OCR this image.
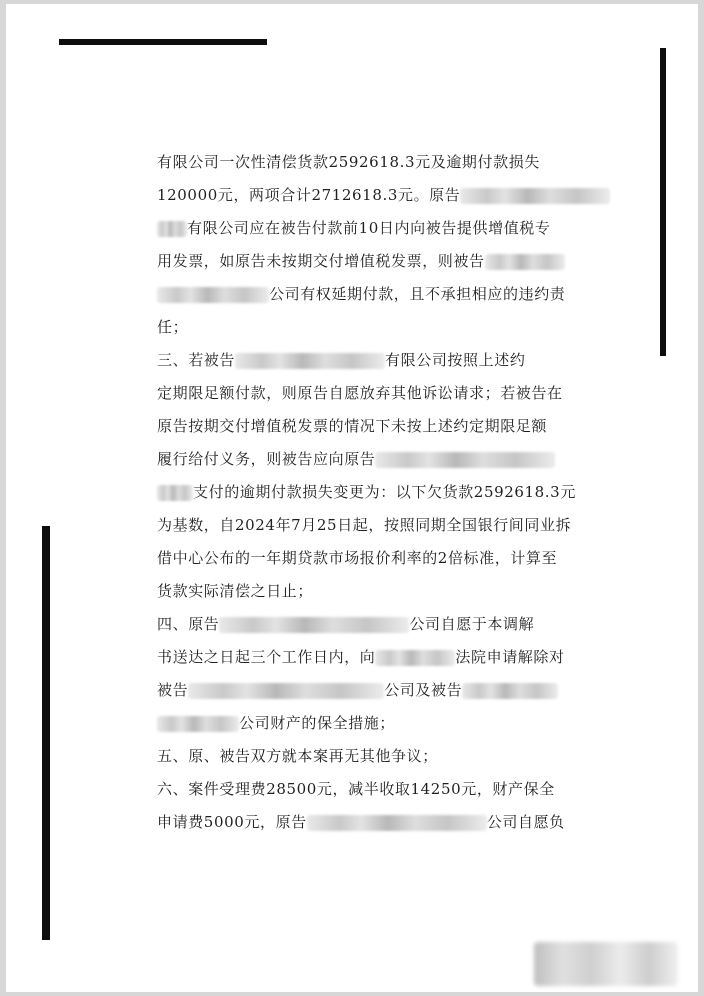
有限公司一次性清偿货款2592618.3元及逾期付款损失
120000元，两项合计2712618.3元。原告
有限公司应在被告付款前10日内向被告提供增值税专
用发票，如原告未按期交付增值税发票，则被告
公司有权延期付款，且不承担相应的违约责
任；
三、若被告	有限公司按照上述约
定期限足额付款，则原告自愿放弃其他诉讼请求；若被告在
原告按期交付增值税发票的情况下未按上述约定期限足额
履行给付义务，则被告应向原告
支付的逾期付款损失变更为：以下欠货款2592618.3元
为基数，自2024年7月25日起，按照同期全国银行间同业拆
借中心公布的一年期贷款市场报价利率的2倍标准，计算至
货款实际清偿之日止；
四、原告	公司自愿于本调解
书送达之日起三个工作日内，向	法院申请解除对
被告	公司及被告
公司财产的保全措施；
五、原、被告双方就本案再无其他争议；
六、案件受理费28500元，减半收取14250元，财产保全
申请费5000元，原告	公司自愿负
